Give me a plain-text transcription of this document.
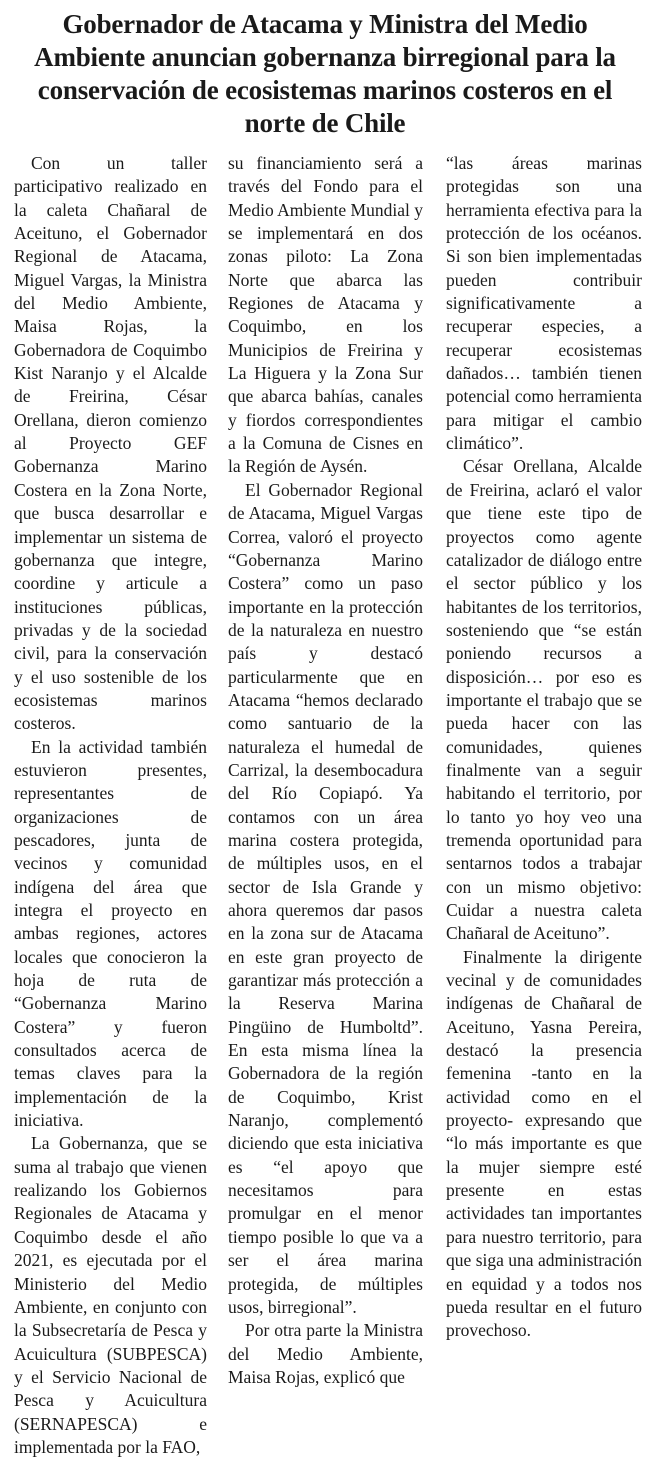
Gobernador de Atacama y Ministra del Medio Ambiente anuncian gobernanza birregional para la conservación de ecosistemas marinos costeros en el norte de Chile

Con un taller participativo realizado en la caleta Chañaral de Aceituno, el Gobernador Regional de Atacama, Miguel Vargas, la Ministra del Medio Ambiente, Maisa Rojas, la Gobernadora de Coquimbo Kist Naranjo y el Alcalde de Freirina, César Orellana, dieron comienzo al Proyecto GEF Gobernanza Marino Costera en la Zona Norte, que busca desarrollar e implementar un sistema de gobernanza que integre, coordine y articule a instituciones públicas, privadas y de la sociedad civil, para la conservación y el uso sostenible de los ecosistemas marinos costeros.

En la actividad también estuvieron presentes, representantes de organizaciones de pescadores, junta de vecinos y comunidad indígena del área que integra el proyecto en ambas regiones, actores locales que conocieron la hoja de ruta de “Gobernanza Marino Costera” y fueron consultados acerca de temas claves para la implementación de la iniciativa.

La Gobernanza, que se suma al trabajo que vienen realizando los Gobiernos Regionales de Atacama y Coquimbo desde el año 2021, es ejecutada por el Ministerio del Medio Ambiente, en conjunto con la Subsecretaría de Pesca y Acuicultura (SUBPESCA) y el Servicio Nacional de Pesca y Acuicultura (SERNAPESCA) e implementada por la FAO,

su financiamiento será a través del Fondo para el Medio Ambiente Mundial y se implementará en dos zonas piloto: La Zona Norte que abarca las Regiones de Atacama y Coquimbo, en los Municipios de Freirina y La Higuera y la Zona Sur que abarca bahías, canales y fiordos correspondientes a la Comuna de Cisnes en la Región de Aysén.

El Gobernador Regional de Atacama, Miguel Vargas Correa, valoró el proyecto “Gobernanza Marino Costera” como un paso importante en la protección de la naturaleza en nuestro país y destacó particularmente que en Atacama “hemos declarado como santuario de la naturaleza el humedal de Carrizal, la desembocadura del Río Copiapó. Ya contamos con un área marina costera protegida, de múltiples usos, en el sector de Isla Grande y ahora queremos dar pasos en la zona sur de Atacama en este gran proyecto de garantizar más protección a la Reserva Marina Pingüino de Humboltd”. En esta misma línea la Gobernadora de la región de Coquimbo, Krist Naranjo, complementó diciendo que esta iniciativa es “el apoyo que necesitamos para promulgar en el menor tiempo posible lo que va a ser el área marina protegida, de múltiples usos, birregional”.

Por otra parte la Ministra del Medio Ambiente, Maisa Rojas, explicó que

“las áreas marinas protegidas son una herramienta efectiva para la protección de los océanos. Si son bien implementadas pueden contribuir significativamente a recuperar especies, a recuperar ecosistemas dañados… también tienen potencial como herramienta para mitigar el cambio climático”.

César Orellana, Alcalde de Freirina, aclaró el valor que tiene este tipo de proyectos como agente catalizador de diálogo entre el sector público y los habitantes de los territorios, sosteniendo que “se están poniendo recursos a disposición… por eso es importante el trabajo que se pueda hacer con las comunidades, quienes finalmente van a seguir habitando el territorio, por lo tanto yo hoy veo una tremenda oportunidad para sentarnos todos a trabajar con un mismo objetivo: Cuidar a nuestra caleta Chañaral de Aceituno”.

Finalmente la dirigente vecinal y de comunidades indígenas de Chañaral de Aceituno, Yasna Pereira, destacó la presencia femenina -tanto en la actividad como en el proyecto- expresando que “lo más importante es que la mujer siempre esté presente en estas actividades tan importantes para nuestro territorio, para que siga una administración en equidad y a todos nos pueda resultar en el futuro provechoso.
